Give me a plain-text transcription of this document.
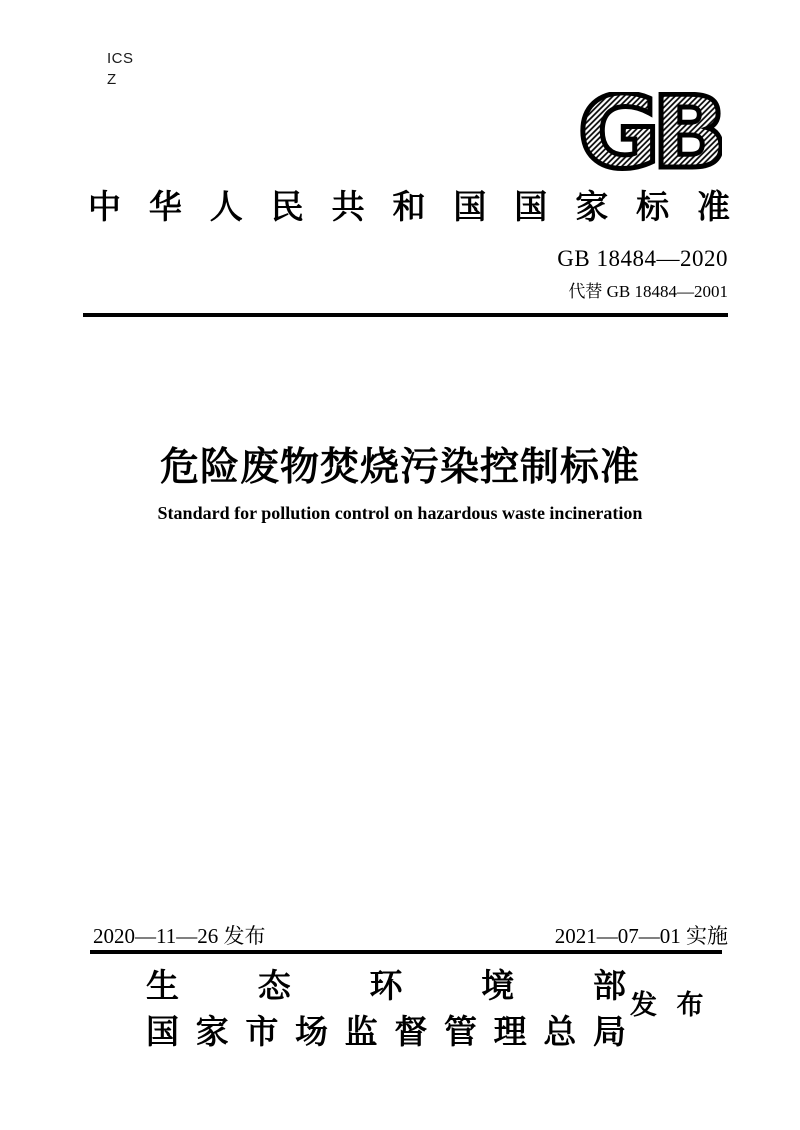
ICS
Z	GB
中 华 人 民 共 和 国 国 家 标 准
GB 18484—2020
代替 GB 18484—2001
危险废物焚烧污染控制标准
Standard for pollution control on hazardous waste incineration
2020—11—26 发布	2021—07—01 实施
生 态 环 境 部
国 家 市 场 监 督 管 理 总 局
发 布
